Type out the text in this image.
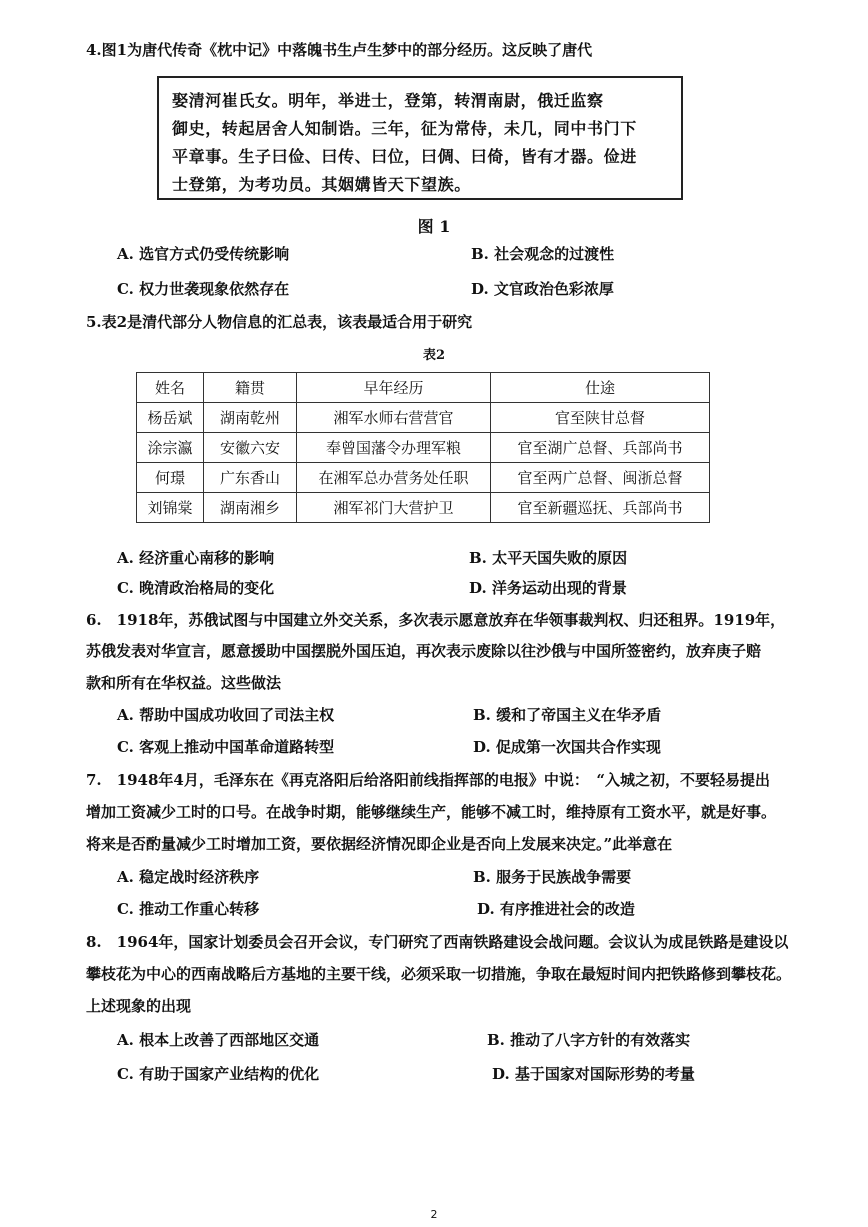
4.图1为唐代传奇《枕中记》中落魄书生卢生梦中的部分经历。这反映了唐代
娶清河崔氏女。明年，举进士，登第，转渭南尉，俄迁监察
御史，转起居舍人知制诰。三年，征为常侍，未几，同中书门下
平章事。生子曰俭、曰传、曰位，曰倜、曰倚，皆有才器。俭进
士登第，为考功员。其姻媾皆天下望族。
图 1
A. 选官方式仍受传统影响	B. 社会观念的过渡性
C. 权力世袭现象依然存在	D. 文官政治色彩浓厚
5.表2是清代部分人物信息的汇总表，该表最适合用于研究
表2
姓名	籍贯	早年经历	仕途
杨岳斌	湖南乾州	湘军水师右营营官	官至陕甘总督
涂宗瀛	安徽六安	奉曾国藩令办理军粮	官至湖广总督、兵部尚书
何璟	广东香山	在湘军总办营务处任职	官至两广总督、闽浙总督
刘锦棠	湖南湘乡	湘军祁门大营护卫	官至新疆巡抚、兵部尚书
A. 经济重心南移的影响	B. 太平天国失败的原因
C. 晚清政治格局的变化	D. 洋务运动出现的背景
6.　1918年，苏俄试图与中国建立外交关系，多次表示愿意放弃在华领事裁判权、归还租界。1919年，
苏俄发表对华宣言，愿意援助中国摆脱外国压迫，再次表示废除以往沙俄与中国所签密约，放弃庚子赔
款和所有在华权益。这些做法
A. 帮助中国成功收回了司法主权	B. 缓和了帝国主义在华矛盾
C. 客观上推动中国革命道路转型	D. 促成第一次国共合作实现
7.　1948年4月，毛泽东在《再克洛阳后给洛阳前线指挥部的电报》中说：　“入城之初，不要轻易提出
增加工资减少工时的口号。在战争时期，能够继续生产，能够不减工时，维持原有工资水平，就是好事。
将来是否酌量减少工时增加工资，要依据经济情况即企业是否向上发展来决定。”此举意在
A. 稳定战时经济秩序	B. 服务于民族战争需要
C. 推动工作重心转移	D. 有序推进社会的改造
8.　1964年，国家计划委员会召开会议，专门研究了西南铁路建设会战问题。会议认为成昆铁路是建设以
攀枝花为中心的西南战略后方基地的主要干线，必须采取一切措施，争取在最短时间内把铁路修到攀枝花。
上述现象的出现
A. 根本上改善了西部地区交通	B. 推动了八字方针的有效落实
C. 有助于国家产业结构的优化	D. 基于国家对国际形势的考量
2
